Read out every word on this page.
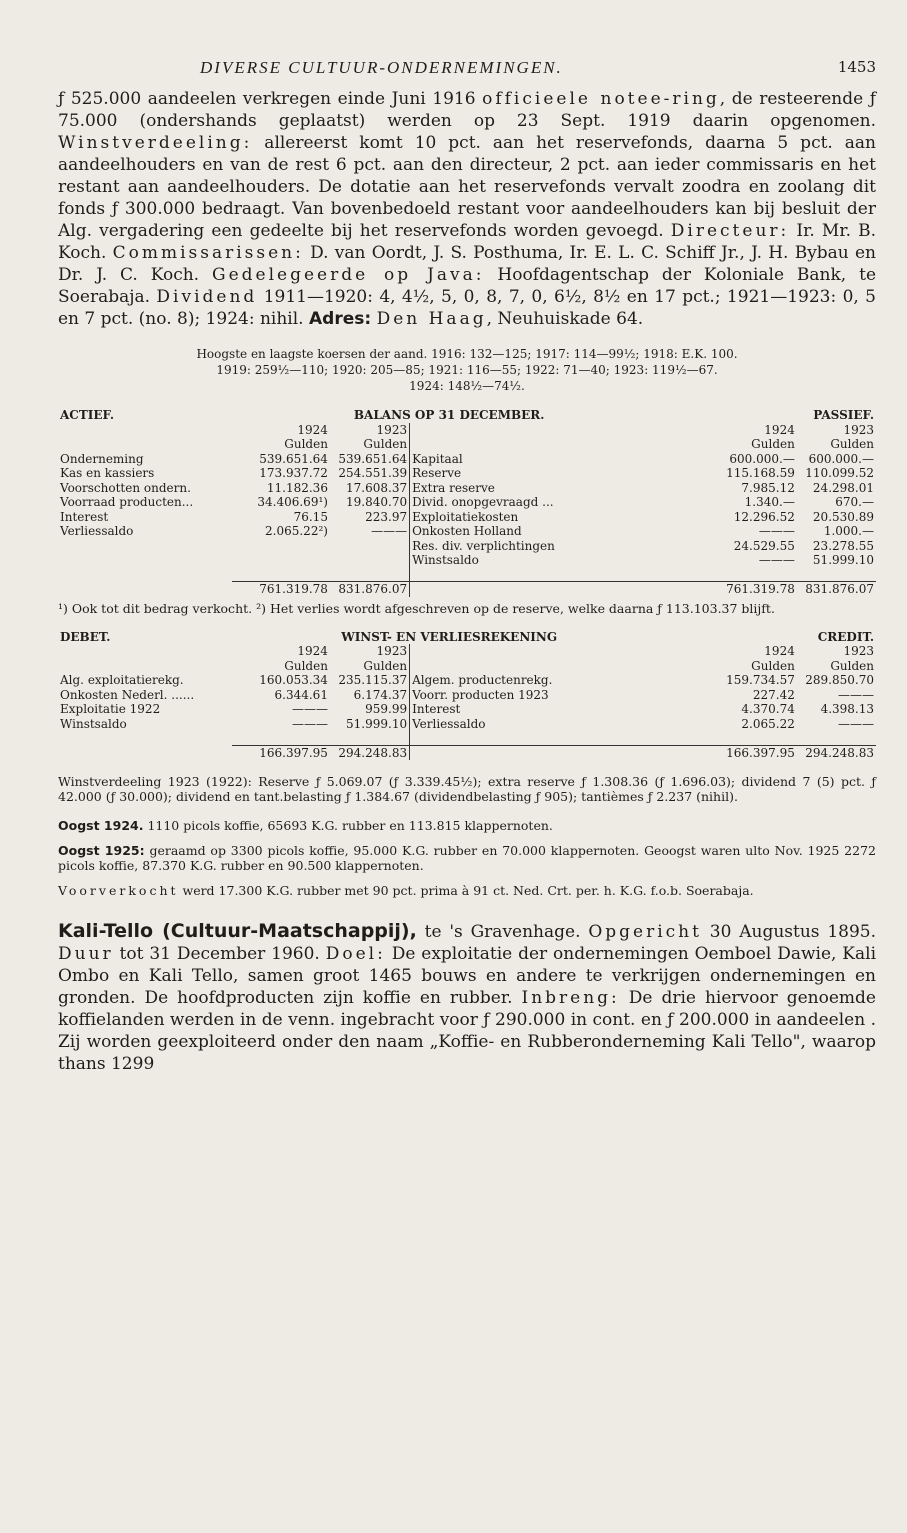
DIVERSE CULTUUR-ONDERNEMINGEN.	1453

ƒ 525.000 aandeelen verkregen einde Juni 1916 officieele notee-ring, de resteerende ƒ 75.000 (ondershands geplaatst) werden op 23 Sept. 1919 daarin opgenomen. Winstverdeeling: allereerst komt 10 pct. aan het reservefonds, daarna 5 pct. aan aandeelhouders en van de rest 6 pct. aan den directeur, 2 pct. aan ieder commissaris en het restant aan aandeelhouders. De dotatie aan het reservefonds vervalt zoodra en zoolang dit fonds ƒ 300.000 bedraagt. Van bovenbedoeld restant voor aandeelhouders kan bij besluit der Alg. vergadering een gedeelte bij het reservefonds worden gevoegd. Directeur: Ir. Mr. B. Koch. Commissarissen: D. van Oordt, J. S. Posthuma, Ir. E. L. C. Schiff Jr., J. H. Bybau en Dr. J. C. Koch. Gedelegeerde op Java: Hoofdagentschap der Koloniale Bank, te Soerabaja. Dividend 1911—1920: 4, 4½, 5, 0, 8, 7, 0, 6½, 8½ en 17 pct.; 1921—1923: 0, 5 en 7 pct. (no. 8); 1924: nihil. Adres: Den Haag, Neuhuiskade 64.

Hoogste en laagste koersen der aand. 1916: 132—125; 1917: 114—99½; 1918: E.K. 100.
1919: 259½—110; 1920: 205—85; 1921: 116—55; 1922: 71—40; 1923: 119½—67.
1924: 148½—74½.
ACTIEF.	BALANS OP 31 DECEMBER.			PASSIEF.	
	1924	1923		1924	1923
	Gulden	Gulden		Gulden	Gulden
Onderneming	539.651.64	539.651.64	Kapitaal	600.000.—	600.000.—
Kas en kassiers	173.937.72	254.551.39	Reserve	115.168.59	110.099.52
Voorschotten ondern.	11.182.36	17.608.37	Extra reserve	7.985.12	24.298.01
Voorraad producten...	34.406.69¹)	19.840.70	Divid. onopgevraagd ...	1.340.—	670.—
Interest	76.15	223.97	Exploitatiekosten	12.296.52	20.530.89
Verliessaldo	2.065.22²)	———	Onkosten Holland	———	1.000.—
			Res. div. verplichtingen	24.529.55	23.278.55
			Winstsaldo	———	51.999.10

	761.319.78	831.876.07		761.319.78	831.876.07

¹) Ook tot dit bedrag verkocht. ²) Het verlies wordt afgeschreven op de reserve, welke daarna ƒ 113.103.37 blijft.

DEBET.	WINST- EN VERLIESREKENING			CREDIT.	
	1924	1923		1924	1923
	Gulden	Gulden		Gulden	Gulden
Alg. exploitatierekg.	160.053.34	235.115.37	Algem. productenrekg.	159.734.57	289.850.70
Onkosten Nederl. ......	6.344.61	6.174.37	Voorr. producten 1923	227.42	———
Exploitatie 1922	———	959.99	Interest	4.370.74	4.398.13
Winstsaldo	———	51.999.10	Verliessaldo	2.065.22	———

	166.397.95	294.248.83		166.397.95	294.248.83

Winstverdeeling 1923 (1922): Reserve ƒ 5.069.07 (ƒ 3.339.45½); extra reserve ƒ 1.308.36 (ƒ 1.696.03); dividend 7 (5) pct. ƒ 42.000 (ƒ 30.000); dividend en tant.belasting ƒ 1.384.67 (dividendbelasting ƒ 905); tantièmes ƒ 2.237 (nihil).

Oogst 1924. 1110 picols koffie, 65693 K.G. rubber en 113.815 klappernoten.

Oogst 1925: geraamd op 3300 picols koffie, 95.000 K.G. rubber en 70.000 klappernoten. Geoogst waren ulto Nov. 1925 2272 picols koffie, 87.370 K.G. rubber en 90.500 klappernoten.

Voorverkocht werd 17.300 K.G. rubber met 90 pct. prima à 91 ct. Ned. Crt. per. h. K.G. f.o.b. Soerabaja.

Kali-Tello (Cultuur-Maatschappij), te 's Gravenhage. Opgericht 30 Augustus 1895. Duur tot 31 December 1960. Doel: De exploitatie der ondernemingen Oemboel Dawie, Kali Ombo en Kali Tello, samen groot 1465 bouws en andere te verkrijgen ondernemingen en gronden. De hoofdproducten zijn koffie en rubber. Inbreng: De drie hiervoor genoemde koffielanden werden in de venn. ingebracht voor ƒ 290.000 in cont. en ƒ 200.000 in aandeelen . Zij worden geexploiteerd onder den naam „Koffie- en Rubberonderneming Kali Tello", waarop thans 1299
